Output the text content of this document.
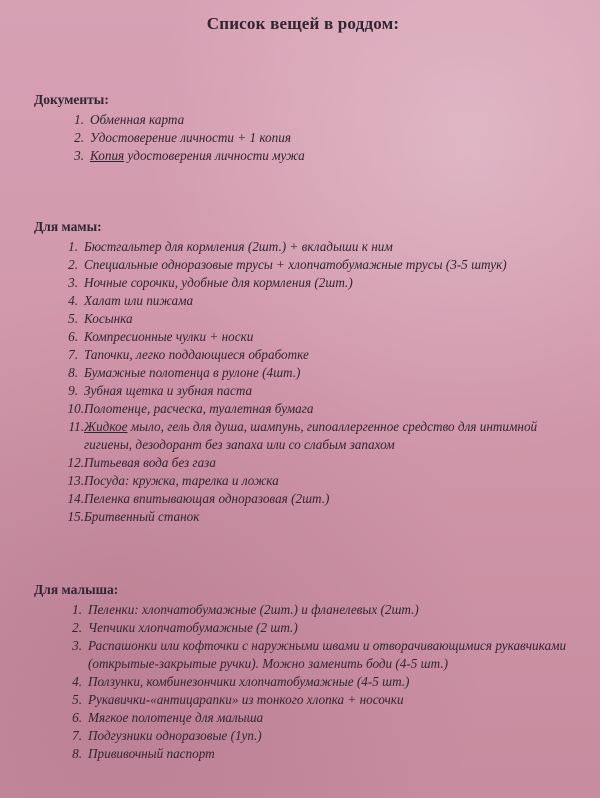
Список вещей в роддом:
Документы:
1. Обменная карта
2. Удостоверение личности + 1 копия
3. Копия удостоверения личности мужа
Для мамы:
1. Бюстгальтер для кормления (2шт.) + вкладыши к ним
2. Специальные одноразовые трусы + хлопчатобумажные трусы (3-5 штук)
3. Ночные сорочки, удобные для кормления (2шт.)
4. Халат или пижама
5. Косынка
6. Компресионные чулки + носки
7. Тапочки, легко поддающиеся обработке
8. Бумажные полотенца в рулоне (4шт.)
9. Зубная щетка и зубная паста
10. Полотенце, расческа, туалетная бумага
11. Жидкое мыло, гель для душа, шампунь, гипоаллергенное средство для интимной гигиены, дезодорант без запаха или со слабым запахом
12. Питьевая вода без газа
13. Посуда: кружка, тарелка и ложка
14. Пеленка впитывающая одноразовая (2шт.)
15. Бритвенный станок
Для малыша:
1. Пеленки: хлопчатобумажные (2шт.) и фланелевых (2шт.)
2. Чепчики хлопчатобумажные (2 шт.)
3. Распашонки или кофточки с наружными швами и отворачивающимися рукавчиками (открытые-закрытые ручки). Можно заменить боди (4-5 шт.)
4. Ползунки, комбинезончики хлопчатобумажные (4-5 шт.)
5. Рукавички-«антицарапки» из тонкого хлопка + носочки
6. Мягкое полотенце для малыша
7. Подгузники одноразовые (1уп.)
8. Прививочный паспорт
